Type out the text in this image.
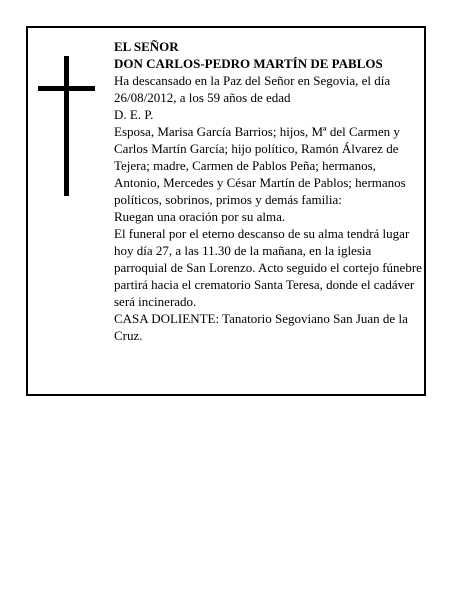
EL SEÑOR

DON CARLOS-PEDRO MARTÍN DE PABLOS

Ha descansado en la Paz del Señor en Segovia, el día 26/08/2012, a los 59 años de edad

D. E. P.

Esposa, Marisa García Barrios; hijos, Mª del Carmen y Carlos Martín García; hijo político, Ramón Álvarez de Tejera; madre, Carmen de Pablos Peña; hermanos, Antonio, Mercedes y César Martín de Pablos; hermanos políticos, sobrinos, primos y demás familia:

Ruegan una oración por su alma.

El funeral por el eterno descanso de su alma tendrá lugar hoy día 27, a las 11.30 de la mañana, en la iglesia parroquial de San Lorenzo. Acto seguido el cortejo fúnebre partirá hacia el crematorio Santa Teresa, donde el cadáver será incinerado.

CASA DOLIENTE: Tanatorio Segoviano San Juan de la Cruz.
